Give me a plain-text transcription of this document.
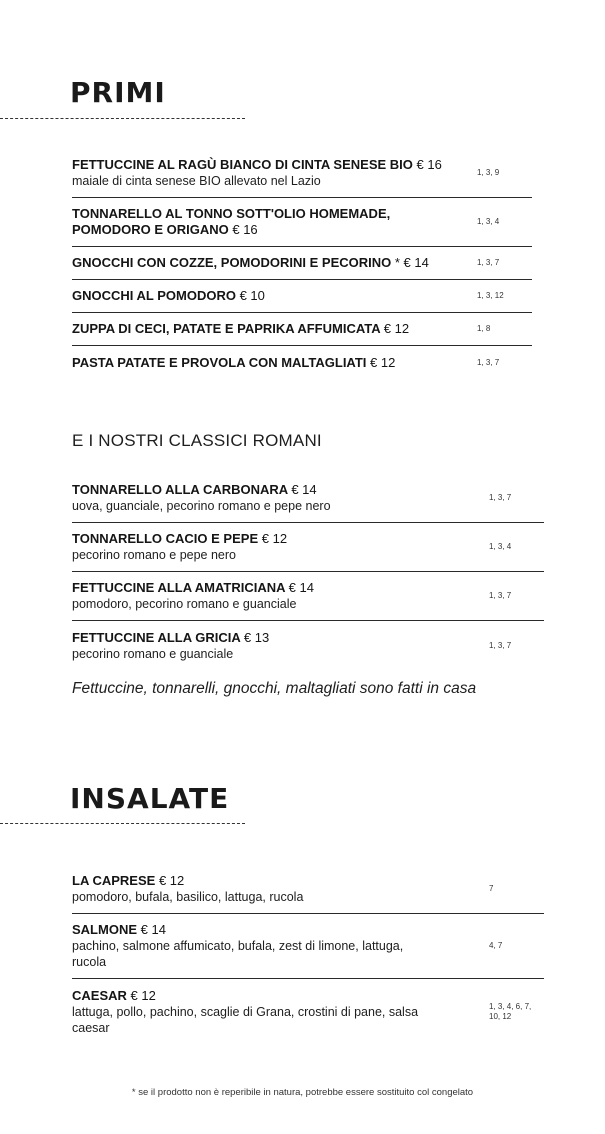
PRIMI
FETTUCCINE AL RAGÙ BIANCO DI CINTA SENESE BIO € 16
maiale di cinta senese BIO allevato nel Lazio
1, 3, 9
TONNARELLO AL TONNO SOTT'OLIO HOMEMADE, POMODORO E ORIGANO € 16
1, 3, 4
GNOCCHI CON COZZE, POMODORINI E PECORINO * € 14	1, 3, 7
GNOCCHI AL POMODORO € 10	1, 3, 12
ZUPPA DI CECI, PATATE E PAPRIKA AFFUMICATA € 12	1, 8
PASTA PATATE E PROVOLA CON MALTAGLIATI € 12	1, 3, 7
E I NOSTRI CLASSICI ROMANI
TONNARELLO ALLA CARBONARA € 14
uova, guanciale, pecorino romano e pepe nero
1, 3, 7
TONNARELLO CACIO E PEPE € 12
pecorino romano e pepe nero
1, 3, 4
FETTUCCINE ALLA AMATRICIANA € 14
pomodoro, pecorino romano e guanciale
1, 3, 7
FETTUCCINE ALLA GRICIA € 13
pecorino romano e guanciale
1, 3, 7

Fettuccine, tonnarelli, gnocchi, maltagliati sono fatti in casa

INSALATE
LA CAPRESE € 12
pomodoro, bufala, basilico, lattuga, rucola
7
SALMONE € 14
pachino, salmone affumicato, bufala, zest di limone, lattuga, rucola
4, 7
CAESAR € 12
lattuga, pollo, pachino, scaglie di Grana, crostini di pane, salsa caesar
1, 3, 4, 6, 7, 10, 12

* se il prodotto non è reperibile in natura, potrebbe essere sostituito col congelato
